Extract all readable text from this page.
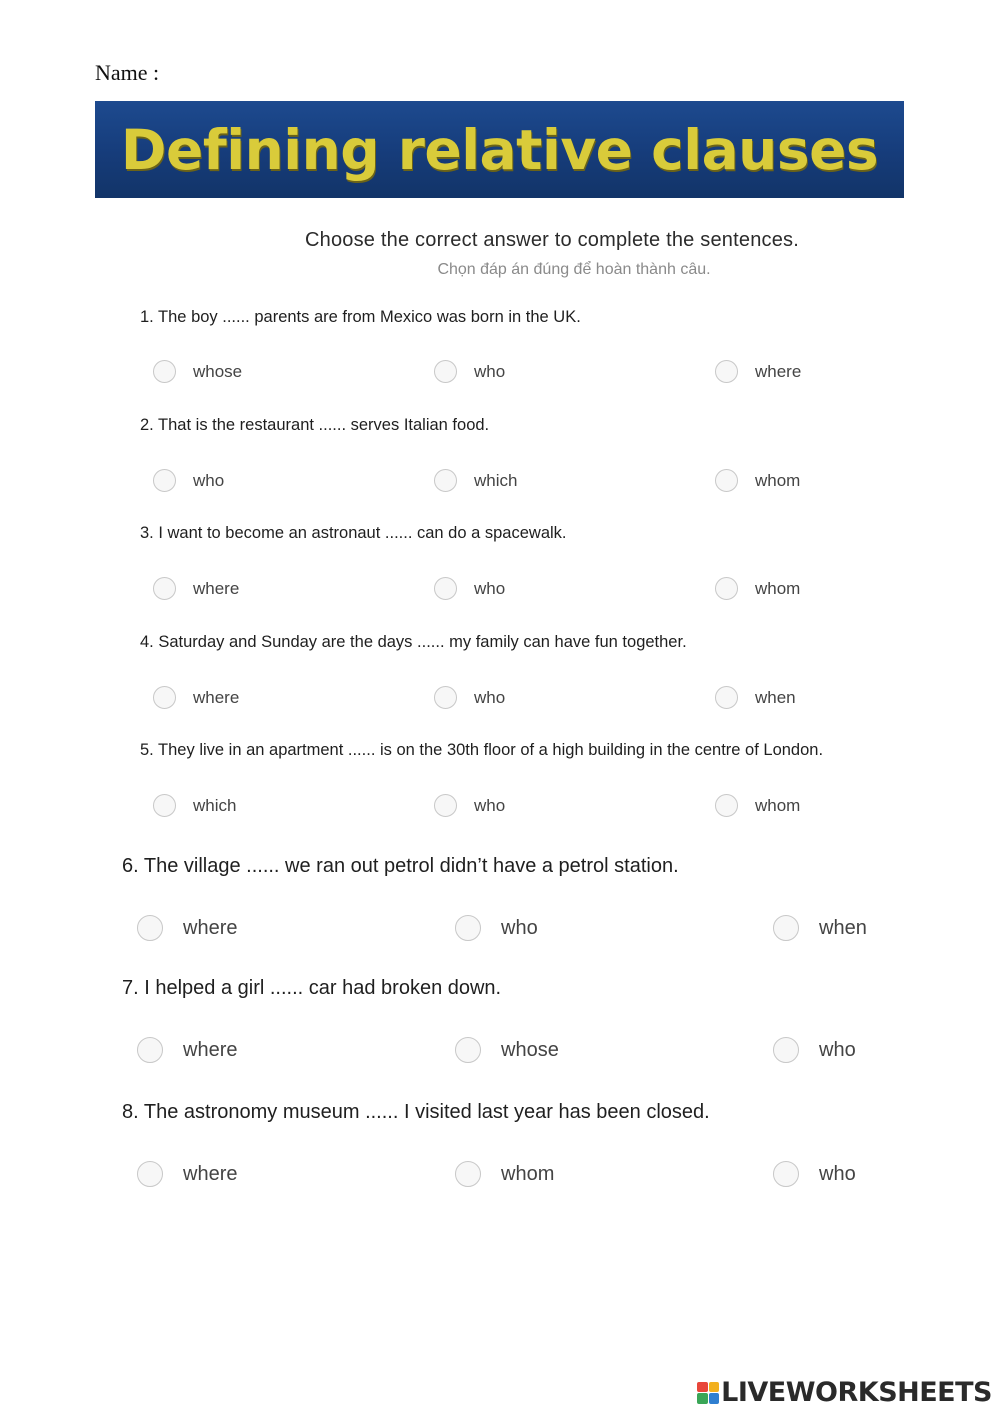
Name :
Defining relative clauses
Choose the correct answer to complete the sentences.
Chọn đáp án đúng để hoàn thành câu.
1. The boy ...... parents are from Mexico was born in the UK.
whose	who	where
2. That is the restaurant ...... serves Italian food.
who	which	whom
3. I want to become an astronaut ...... can do a spacewalk.
where	who	whom
4. Saturday and Sunday are the days ...... my family can have fun together.
where	who	when
5. They live in an apartment ...... is on the 30th floor of a high building in the centre of London.
which	who	whom
6. The village ...... we ran out petrol didn’t have a petrol station.
where	who	when
7. I helped a girl ...... car had broken down.
where	whose	who
8. The astronomy museum ...... I visited last year has been closed.
where	whom	who
LIVEWORKSHEETS
